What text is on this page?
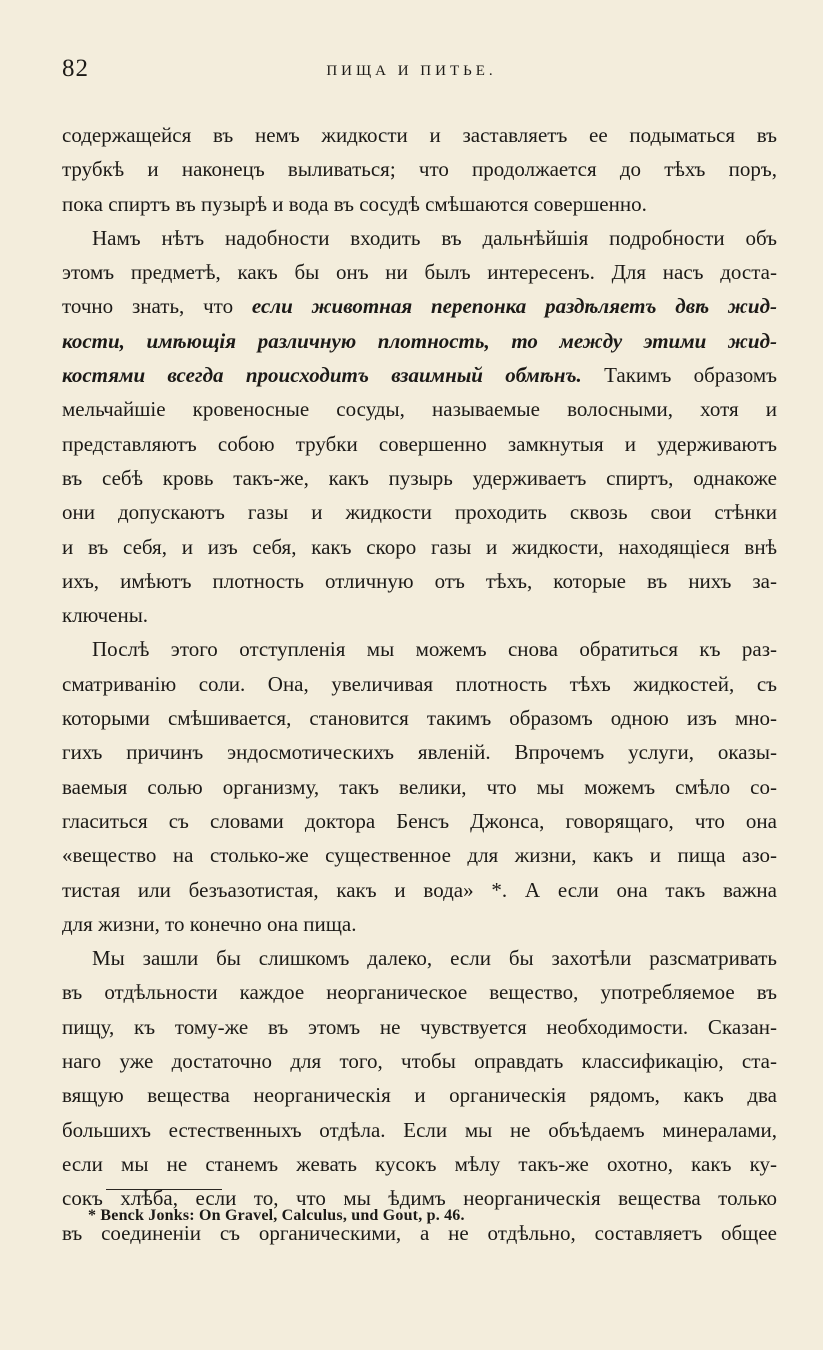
82	ПИЩА И ПИТЬЕ.
содержащейся въ немъ жидкости и заставляетъ ее подыматься въ
трубкѣ и наконецъ выливаться; что продолжается до тѣхъ поръ,
пока спиртъ въ пузырѣ и вода въ сосудѣ смѣшаются совершенно.
Намъ нѣтъ надобности входить въ дальнѣйшія подробности объ
этомъ предметѣ, какъ бы онъ ни былъ интересенъ. Для насъ доста-
точно знать, что если животная перепонка раздѣляетъ двѣ жид-
кости, имѣющія различную плотность, то между этими жид-
костями всегда происходитъ взаимный обмѣнъ. Такимъ образомъ
мельчайшіе кровеносные сосуды, называемые волосными, хотя и
представляютъ собою трубки совершенно замкнутыя и удерживаютъ
въ себѣ кровь такъ-же, какъ пузырь удерживаетъ спиртъ, однакоже
они допускаютъ газы и жидкости проходить сквозь свои стѣнки
и въ себя, и изъ себя, какъ скоро газы и жидкости, находящіеся внѣ
ихъ, имѣютъ плотность отличную отъ тѣхъ, которые въ нихъ за-
ключены.
Послѣ этого отступленія мы можемъ снова обратиться къ раз-
сматриванію соли. Она, увеличивая плотность тѣхъ жидкостей, съ
которыми смѣшивается, становится такимъ образомъ одною изъ мно-
гихъ причинъ эндосмотическихъ явленій. Впрочемъ услуги, оказы-
ваемыя солью организму, такъ велики, что мы можемъ смѣло со-
гласиться съ словами доктора Бенсъ Джонса, говорящаго, что она
«вещество на столько-же существенное для жизни, какъ и пища азо-
тистая или безъазотистая, какъ и вода» *. А если она такъ важна
для жизни, то конечно она пища.
Мы зашли бы слишкомъ далеко, если бы захотѣли разсматривать
въ отдѣльности каждое неорганическое вещество, употребляемое въ
пищу, къ тому-же въ этомъ не чувствуется необходимости. Сказан-
наго уже достаточно для того, чтобы оправдать классификацію, ста-
вящую вещества неорганическія и органическія рядомъ, какъ два
большихъ естественныхъ отдѣла. Если мы не объѣдаемъ минералами,
если мы не станемъ жевать кусокъ мѣлу такъ-же охотно, какъ ку-
сокъ хлѣба, если то, что мы ѣдимъ неорганическія вещества только
въ соединеніи съ органическими, а не отдѣльно, составляетъ общее
* Benck Jonks: On Gravel, Calculus, und Gout, p. 46.
